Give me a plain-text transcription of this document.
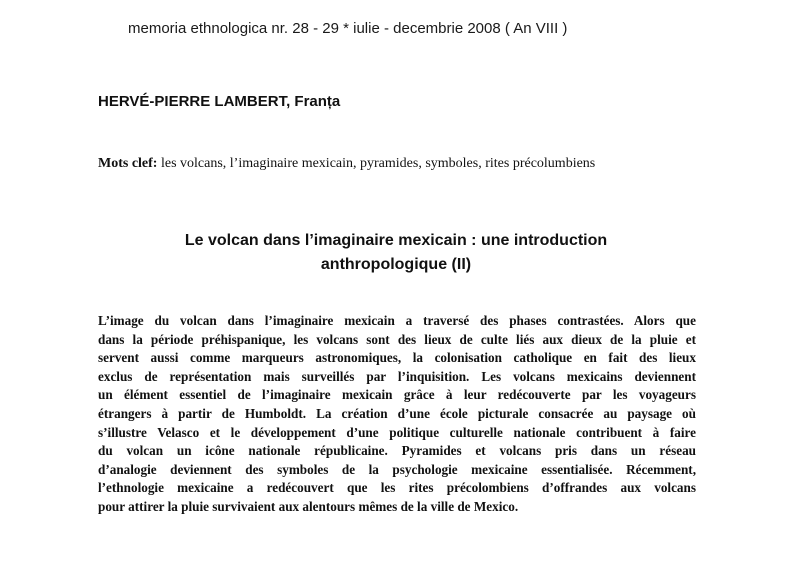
memoria ethnologica nr. 28 - 29 * iulie - decembrie 2008 ( An VIII )
HERVÉ-PIERRE LAMBERT, Franța
Mots clef: les volcans, l’imaginaire mexicain, pyramides, symboles, rites précolumbiens
Le volcan dans l’imaginaire mexicain : une introduction
anthropologique (II)
L’image du volcan dans l’imaginaire mexicain a traversé des phases contrastées. Alors que
dans la période préhispanique, les volcans sont des lieux de culte liés aux dieux de la pluie et
servent aussi comme marqueurs astronomiques, la colonisation catholique en fait des lieux
exclus de représentation mais surveillés par l’inquisition. Les volcans mexicains deviennent
un élément essentiel de l’imaginaire mexicain grâce à leur redécouverte par les voyageurs
étrangers à partir de Humboldt. La création d’une école picturale consacrée au paysage où
s’illustre Velasco et le développement d’une politique culturelle nationale contribuent à faire
du volcan un icône nationale républicaine. Pyramides et volcans pris dans un réseau
d’analogie deviennent des symboles de la psychologie mexicaine essentialisée. Récemment,
l’ethnologie mexicaine a redécouvert que les rites précolombiens d’offrandes aux volcans
pour attirer la pluie survivaient aux alentours mêmes de la ville de Mexico.
